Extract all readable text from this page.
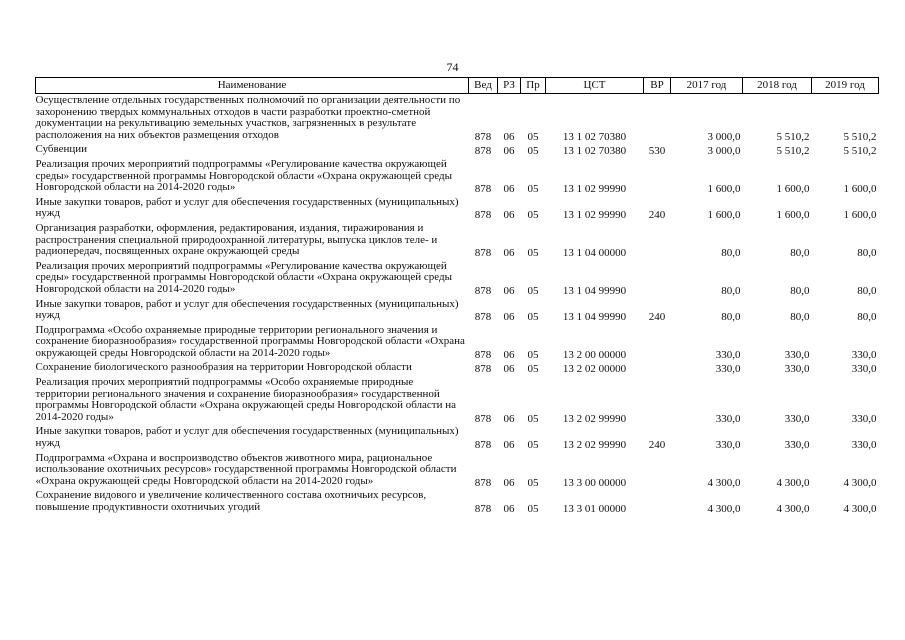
74
Наименование	Вед	РЗ	Пр	ЦСТ	ВР	2017 год	2018 год	2019 год
Осуществление отдельных государственных полномочий по организации деятельности по захоронению твердых коммунальных отходов в части разработки проектно-сметной документации на рекультивацию земельных участков, загрязненных в результате расположения на них объектов размещения отходов	878	06	05	13 1 02 70380		3 000,0	5 510,2	5 510,2
Субвенции	878	06	05	13 1 02 70380	530	3 000,0	5 510,2	5 510,2
Реализация прочих мероприятий подпрограммы «Регулирование качества окружающей среды» государственной программы Новгородской области «Охрана окружающей среды Новгородской области на 2014-2020 годы»	878	06	05	13 1 02 99990		1 600,0	1 600,0	1 600,0
Иные закупки товаров, работ и услуг для обеспечения государственных (муниципальных) нужд	878	06	05	13 1 02 99990	240	1 600,0	1 600,0	1 600,0
Организация разработки, оформления, редактирования, издания, тиражирования и распространения специальной природоохранной литературы, выпуска циклов теле- и радиопередач, посвященных охране окружающей среды	878	06	05	13 1 04 00000		80,0	80,0	80,0
Реализация прочих мероприятий подпрограммы «Регулирование качества окружающей среды» государственной программы Новгородской области «Охрана окружающей среды Новгородской области на 2014-2020 годы»	878	06	05	13 1 04 99990		80,0	80,0	80,0
Иные закупки товаров, работ и услуг для обеспечения государственных (муниципальных) нужд	878	06	05	13 1 04 99990	240	80,0	80,0	80,0
Подпрограмма «Особо охраняемые природные территории регионального значения и сохранение биоразнообразия» государственной программы Новгородской области «Охрана окружающей среды Новгородской области на 2014-2020 годы»	878	06	05	13 2 00 00000		330,0	330,0	330,0
Сохранение биологического разнообразия на территории Новгородской области	878	06	05	13 2 02 00000		330,0	330,0	330,0
Реализация прочих мероприятий подпрограммы «Особо охраняемые природные территории регионального значения и сохранение биоразнообразия» государственной программы Новгородской области «Охрана окружающей среды Новгородской области на 2014-2020 годы»	878	06	05	13 2 02 99990		330,0	330,0	330,0
Иные закупки товаров, работ и услуг для обеспечения государственных (муниципальных) нужд	878	06	05	13 2 02 99990	240	330,0	330,0	330,0
Подпрограмма «Охрана и воспроизводство объектов животного мира, рациональное использование охотничьих ресурсов» государственной программы Новгородской области «Охрана окружающей среды Новгородской области на 2014-2020 годы»	878	06	05	13 3 00 00000		4 300,0	4 300,0	4 300,0
Сохранение видового и увеличение количественного состава охотничьих ресурсов, повышение продуктивности охотничьих угодий	878	06	05	13 3 01 00000		4 300,0	4 300,0	4 300,0
